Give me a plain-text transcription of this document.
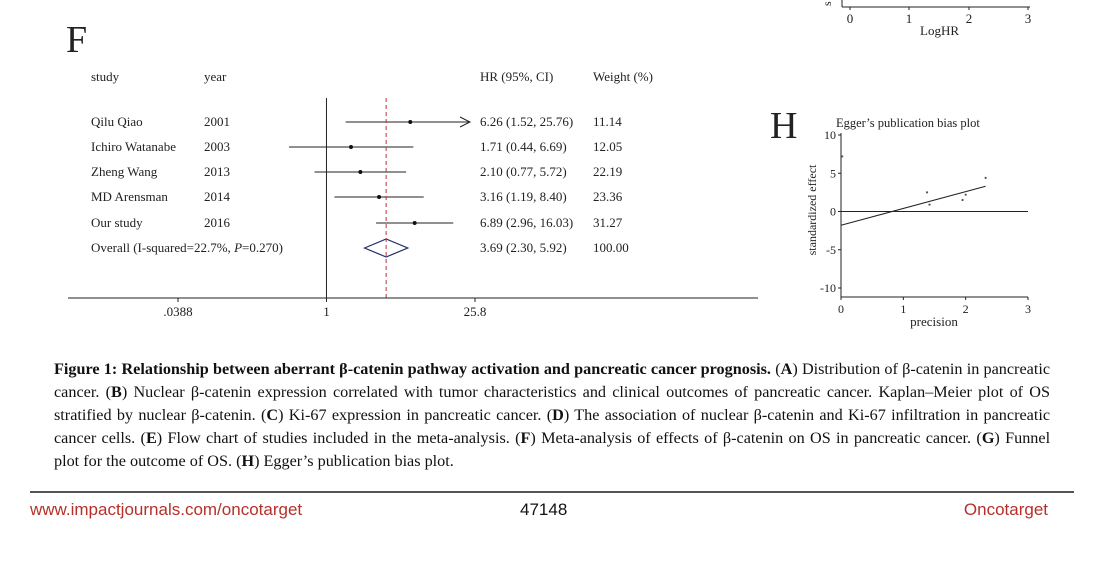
s
0	1	2	3
LogHR
F
study	year	HR (95%, CI)	Weight (%)
Qilu Qiao	2001	6.26 (1.52, 25.76) 11.14
Ichiro Watanabe 2003	1.71 (0.44, 6.69) 12.05
Zheng Wang	2013	2.10 (0.77, 5.72) 22.19
MD Arensman	2014	3.16 (1.19, 8.40) 23.36
Our study	2016	6.89 (2.96, 16.03) 31.27
Overall (I-squared=22.7%, P=0.270)	3.69 (2.30, 5.92) 100.00
.0388	1	25.8
H	Egger’s publication bias plot
standardized effect
precision
10
5
0
-5
-10
0	1	2	3
Figure 1: Relationship between aberrant β-catenin pathway activation and pancreatic cancer prognosis. (A) Distribution of β-catenin in pancreatic cancer. (B) Nuclear β-catenin expression correlated with tumor characteristics and clinical outcomes of pancreatic cancer. Kaplan–Meier plot of OS stratified by nuclear β-catenin. (C) Ki-67 expression in pancreatic cancer. (D) The association of nuclear β-catenin and Ki-67 infiltration in pancreatic cancer cells. (E) Flow chart of studies included in the meta-analysis. (F) Meta-analysis of effects of β-catenin on OS in pancreatic cancer. (G) Funnel plot for the outcome of OS. (H) Egger’s publication bias plot.
www.impactjournals.com/oncotarget	47148	Oncotarget
